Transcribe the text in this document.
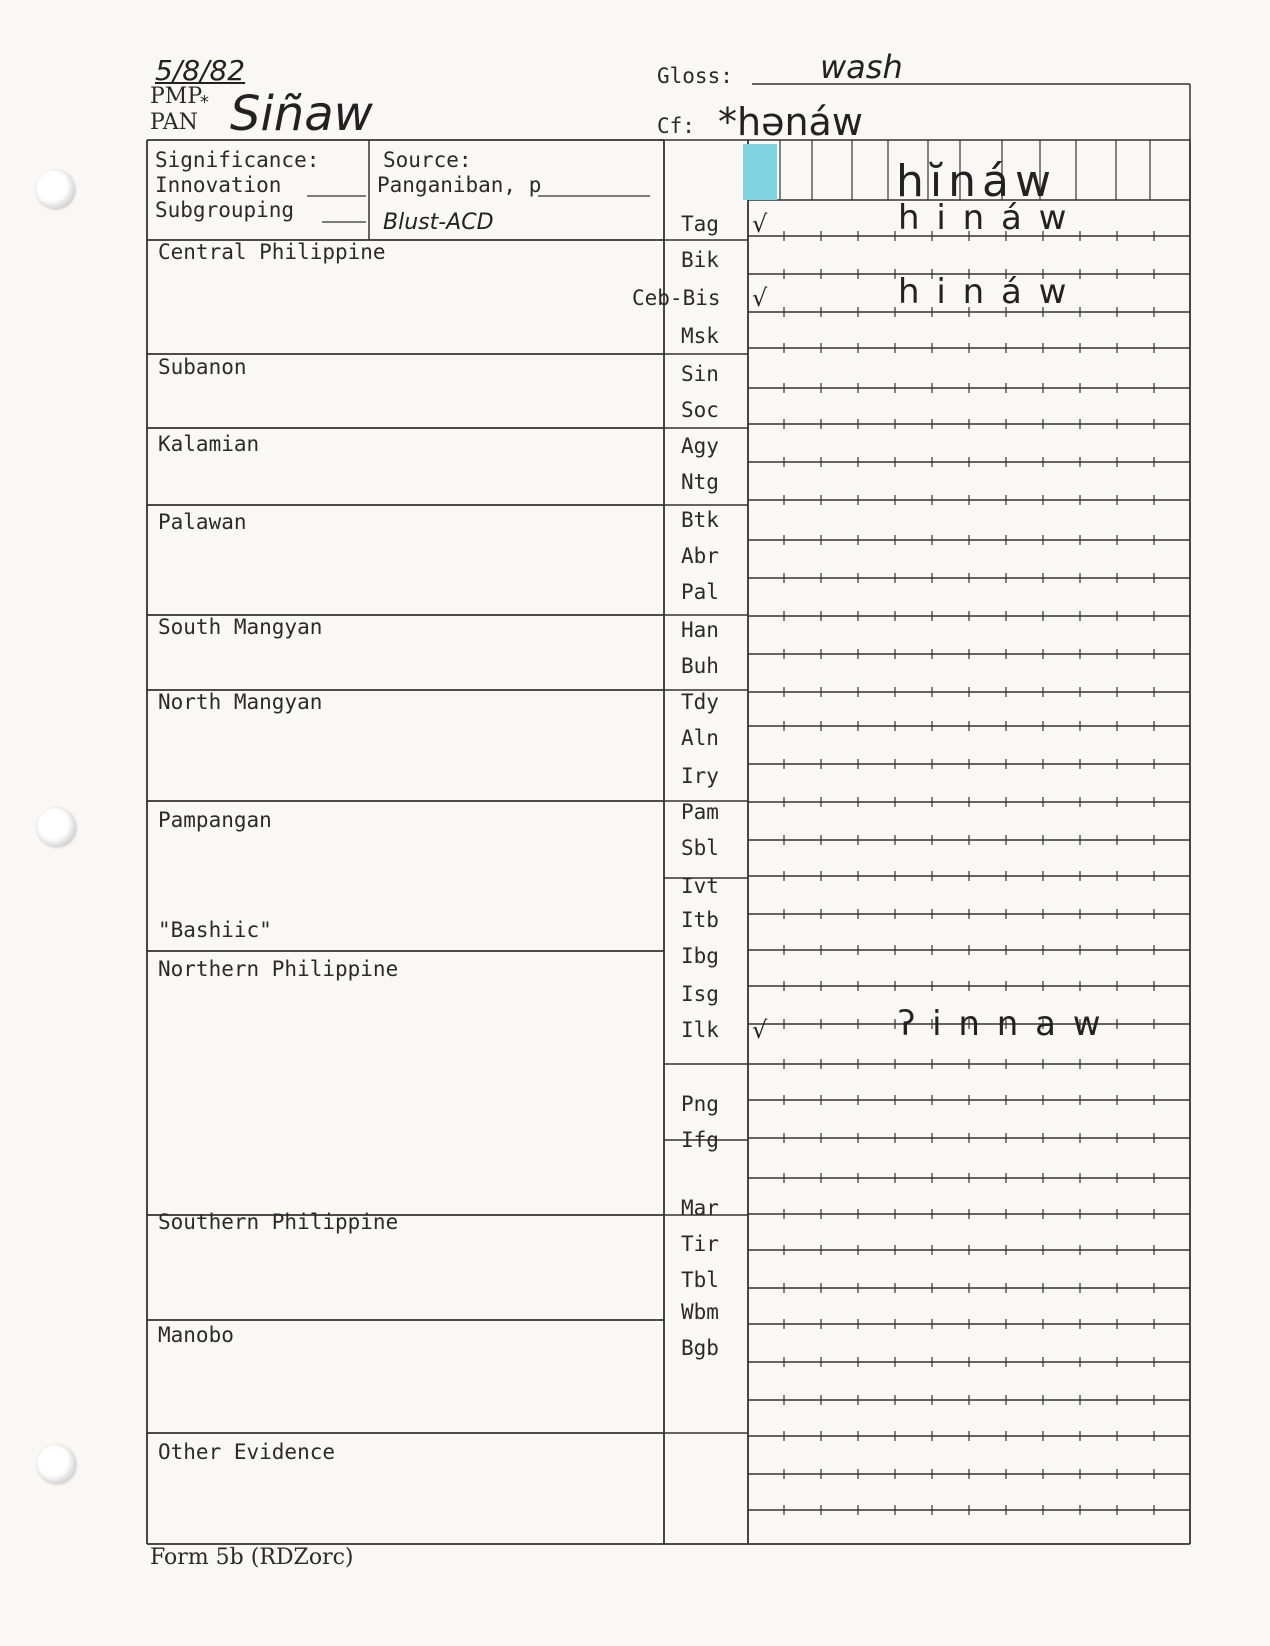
5/8/82
PMP
*
PAN Siñaw
Gloss:	wash
Cf: *hənáw
Significance:
Innovation
Subgrouping
Source:
Panganiban, p
Blust-ACD
hĭnáw
Central Philippine
Subanon
Kalamian
Palawan
South Mangyan
North Mangyan
Pampangan
"Bashiic"
Northern Philippine
Southern Philippine
Manobo
Other Evidence
Tag √	h i n á w
Bik
Ceb-Bis √	h i n á w
Msk
Sin
Soc
Agy
Ntg
Btk
Abr
Pal
Han
Buh
Tdy
Aln
Iry
Pam
Sbl
Ivt
Itb
Ibg
Isg
Ilk √	ʔ i n n a w
Png
Ifg
Mar
Tir
Tbl
Wbm
Bgb
Form 5b (RDZorc)
